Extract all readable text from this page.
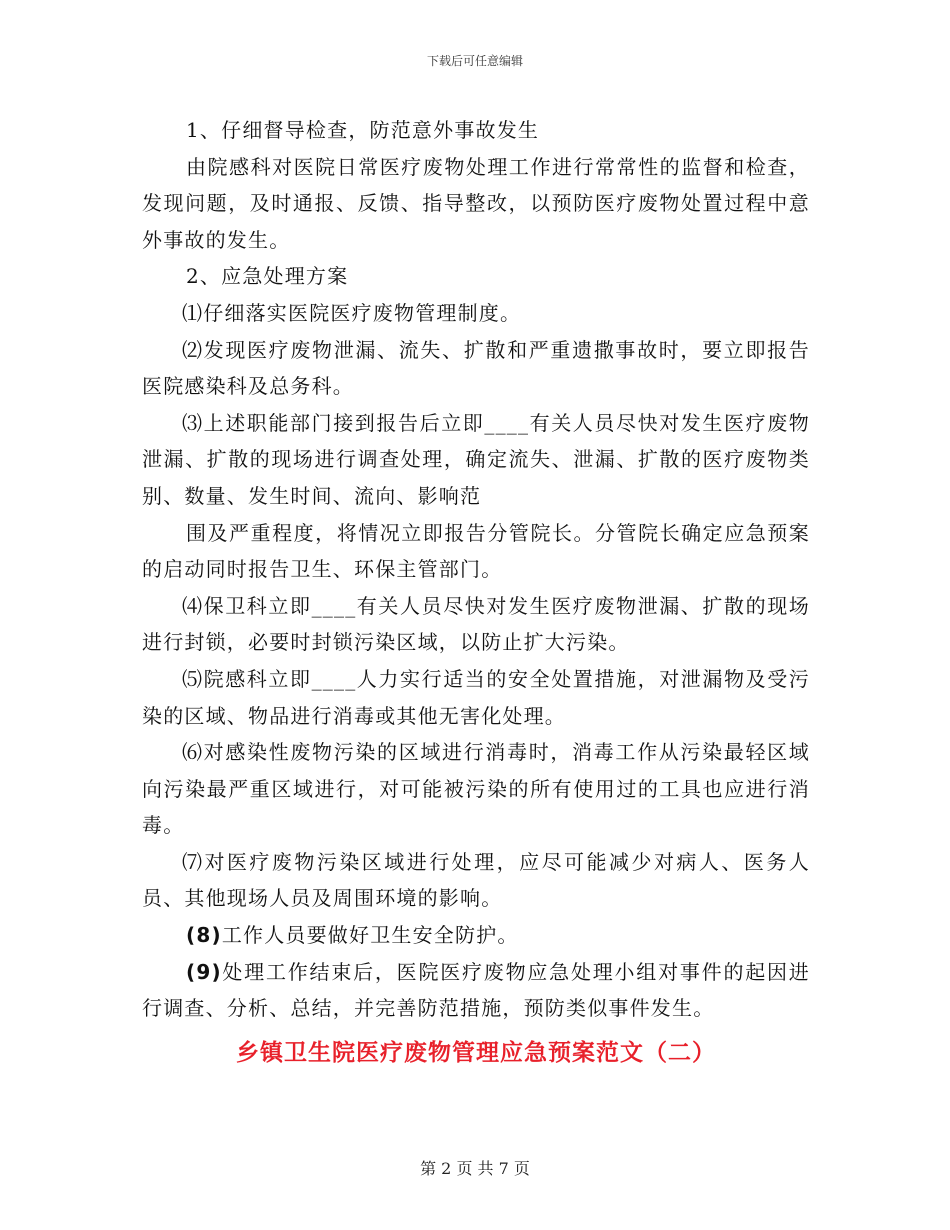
下载后可任意编辑

1、仔细督导检查，防范意外事故发生

由院感科对医院日常医疗废物处理工作进行常常性的监督和检查，发现问题，及时通报、反馈、指导整改，以预防医疗废物处置过程中意外事故的发生。

2、应急处理方案

⑴仔细落实医院医疗废物管理制度。

⑵发现医疗废物泄漏、流失、扩散和严重遗撒事故时，要立即报告医院感染科及总务科。

⑶上述职能部门接到报告后立即____有关人员尽快对发生医疗废物泄漏、扩散的现场进行调查处理，确定流失、泄漏、扩散的医疗废物类别、数量、发生时间、流向、影响范

围及严重程度，将情况立即报告分管院长。分管院长确定应急预案的启动同时报告卫生、环保主管部门。

⑷保卫科立即____有关人员尽快对发生医疗废物泄漏、扩散的现场进行封锁，必要时封锁污染区域，以防止扩大污染。

⑸院感科立即____人力实行适当的安全处置措施，对泄漏物及受污染的区域、物品进行消毒或其他无害化处理。

⑹对感染性废物污染的区域进行消毒时，消毒工作从污染最轻区域向污染最严重区域进行，对可能被污染的所有使用过的工具也应进行消毒。

⑺对医疗废物污染区域进行处理，应尽可能减少对病人、医务人员、其他现场人员及周围环境的影响。

(8)工作人员要做好卫生安全防护。

(9)处理工作结束后，医院医疗废物应急处理小组对事件的起因进行调查、分析、总结，并完善防范措施，预防类似事件发生。

乡镇卫生院医疗废物管理应急预案范文（二）
第 2 页 共 7 页
